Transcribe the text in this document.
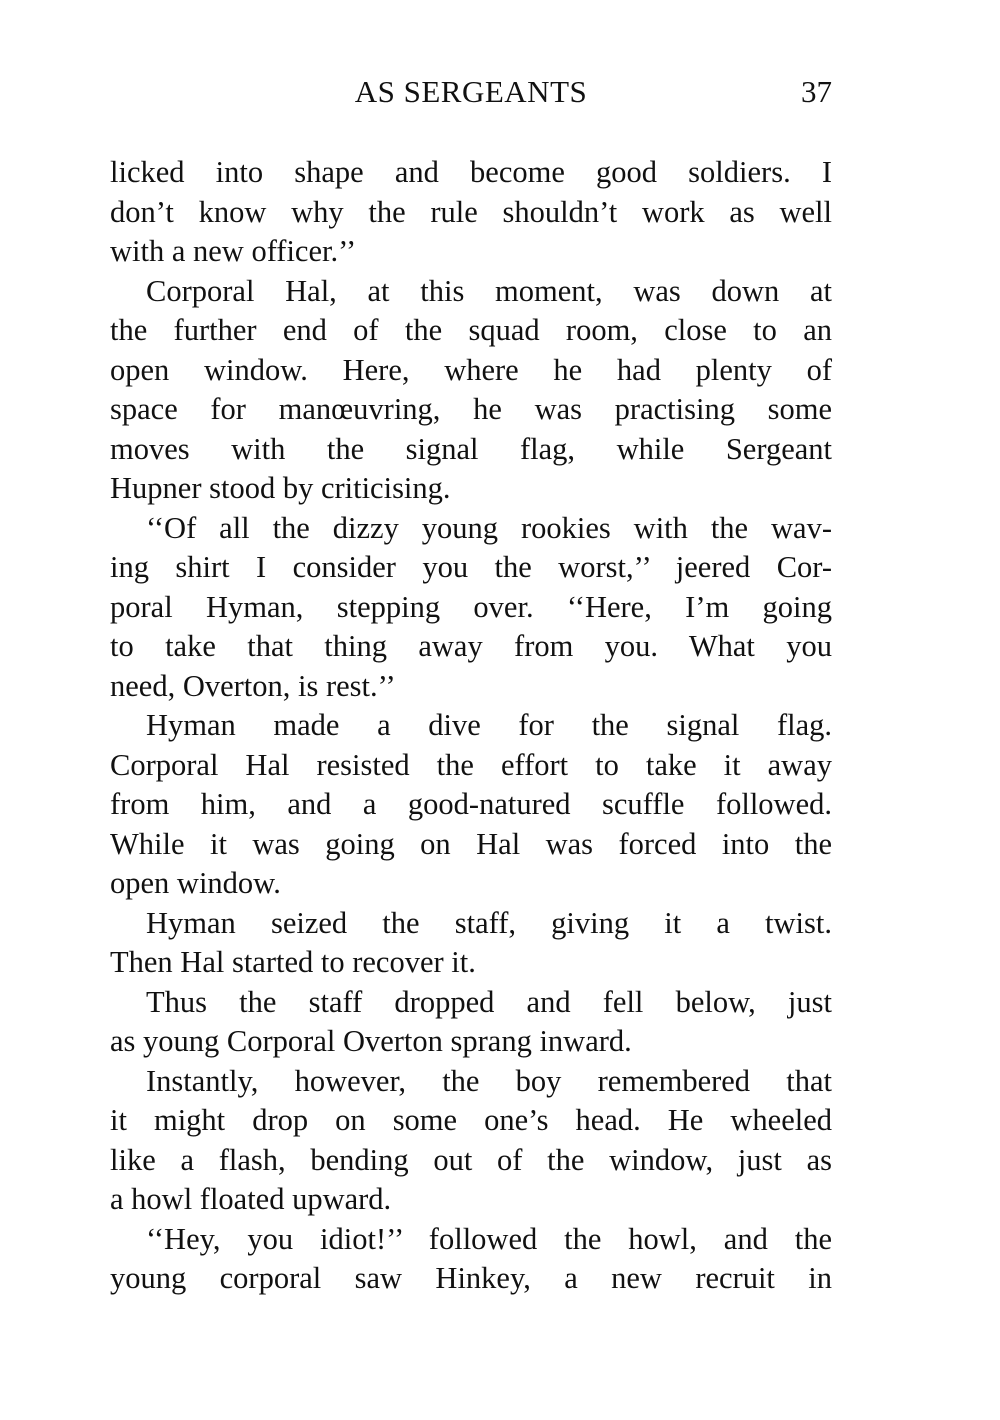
AS SERGEANTS	37
licked into shape and become good soldiers. I
don’t know why the rule shouldn’t work as well
with a new officer.’’
Corporal Hal, at this moment, was down at
the further end of the squad room, close to an
open window. Here, where he had plenty of
space for manœuvring, he was practising some
moves with the signal flag, while Sergeant
Hupner stood by criticising.
‘‘Of all the dizzy young rookies with the wav-
ing shirt I consider you the worst,’’ jeered Cor-
poral Hyman, stepping over. ‘‘Here, I’m going
to take that thing away from you. What you
need, Overton, is rest.’’
Hyman made a dive for the signal flag.
Corporal Hal resisted the effort to take it away
from him, and a good-natured scuffle followed.
While it was going on Hal was forced into the
open window.
Hyman seized the staff, giving it a twist.
Then Hal started to recover it.
Thus the staff dropped and fell below, just
as young Corporal Overton sprang inward.
Instantly, however, the boy remembered that
it might drop on some one’s head. He wheeled
like a flash, bending out of the window, just as
a howl floated upward.
‘‘Hey, you idiot!’’ followed the howl, and the
young corporal saw Hinkey, a new recruit in
